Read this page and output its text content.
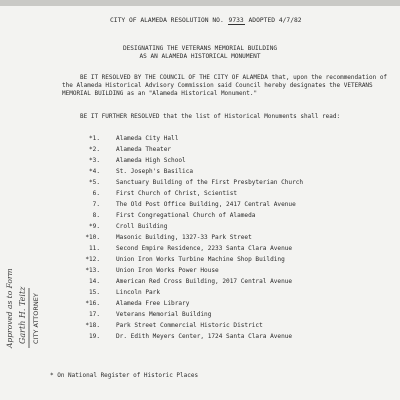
CITY OF ALAMEDA RESOLUTION NO. 9733 ADOPTED 4/7/82
DESIGNATING THE VETERANS MEMORIAL BUILDING
AS AN ALAMEDA HISTORICAL MONUMENT
BE IT RESOLVED BY THE COUNCIL OF THE CITY OF ALAMEDA that, upon the recommendation of the Alameda Historical Advisory Commission said Council hereby designates the VETERANS MEMORIAL BUILDING as an "Alameda Historical Monument."
BE IT FURTHER RESOLVED that the list of Historical Monuments shall read:
*1.	Alameda City Hall
*2.	Alameda Theater
*3.	Alameda High School
*4.	St. Joseph's Basilica
*5.	Sanctuary Building of the First Presbyterian Church
6.	First Church of Christ, Scientist
7.	The Old Post Office Building, 2417 Central Avenue
8.	First Congregational Church of Alameda
*9.	Croll Building
*10.	Masonic Building, 1327-33 Park Street
11.	Second Empire Residence, 2233 Santa Clara Avenue
*12.	Union Iron Works Turbine Machine Shop Building
*13.	Union Iron Works Power House
14.	American Red Cross Building, 2017 Central Avenue
15.	Lincoln Park
*16.	Alameda Free Library
17.	Veterans Memorial Building
*18.	Park Street Commercial Historic District
19.	Dr. Edith Meyers Center, 1724 Santa Clara Avenue
* On National Register of Historic Places
Approved as to Form Garth H. Teitz CITY ATTORNEY
